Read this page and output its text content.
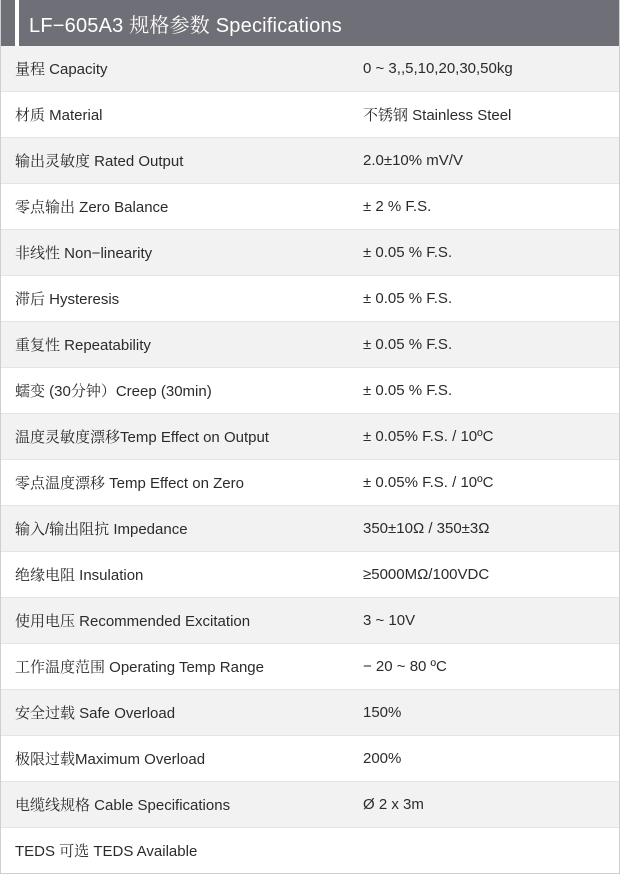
LF−605A3 规格参数 Specifications
量程 Capacity	0 ~ 3,,5,10,20,30,50kg
材质 Material	不锈钢 Stainless Steel
输出灵敏度 Rated Output	2.0±10% mV/V
零点输出 Zero Balance	± 2 % F.S.
非线性 Non−linearity	± 0.05 % F.S.
滞后 Hysteresis	± 0.05 % F.S.
重复性 Repeatability	± 0.05 % F.S.
蠕变 (30分钟）Creep (30min)	± 0.05 % F.S.
温度灵敏度漂移Temp Effect on Output	± 0.05% F.S. / 10ºC
零点温度漂移 Temp Effect on Zero	± 0.05% F.S. / 10ºC
输入/输出阻抗 Impedance	350±10Ω / 350±3Ω
绝缘电阻 Insulation	≥5000MΩ/100VDC
使用电压 Recommended Excitation	3 ~ 10V
工作温度范围 Operating Temp Range	− 20 ~ 80 ºC
安全过载 Safe Overload	150%
极限过载Maximum Overload	200%
电缆线规格 Cable Specifications	Ø 2 x 3m
TEDS 可选 TEDS Available
